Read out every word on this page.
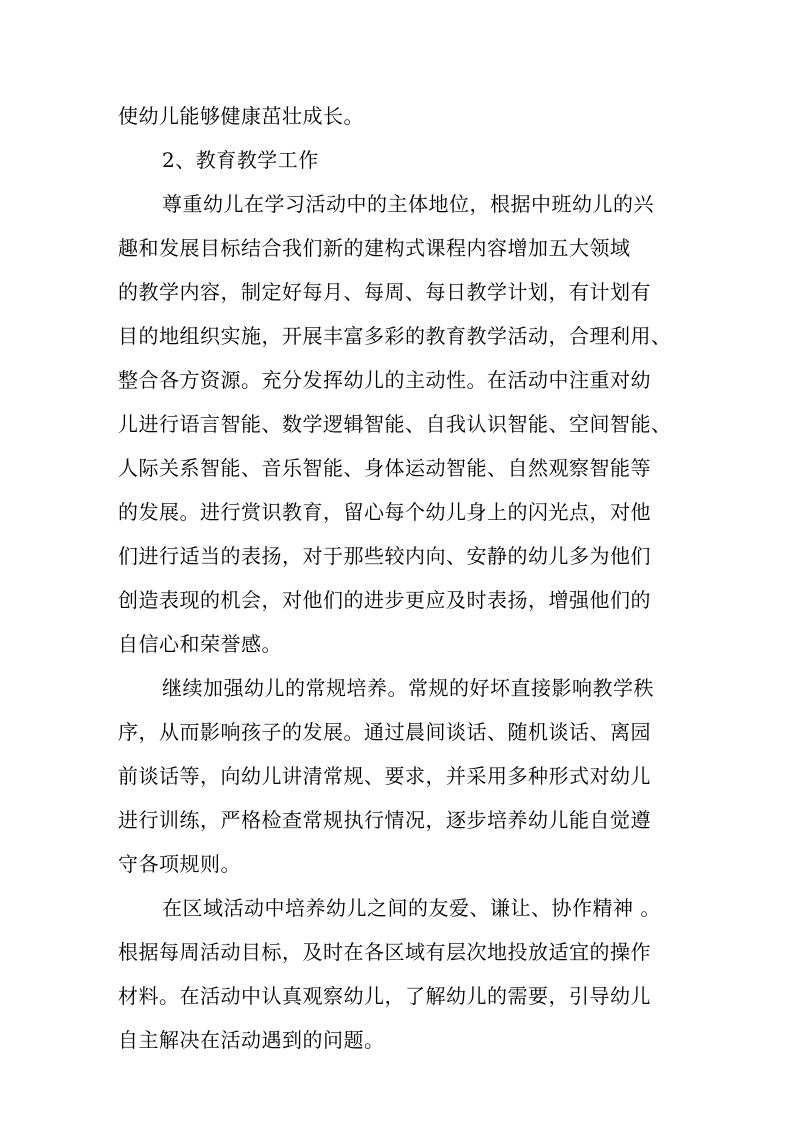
使幼儿能够健康茁壮成长。
2、教育教学工作
尊重幼儿在学习活动中的主体地位，根据中班幼儿的兴
趣和发展目标结合我们新的建构式课程内容增加五大领域
的教学内容，制定好每月、每周、每日教学计划，有计划有
目的地组织实施，开展丰富多彩的教育教学活动，合理利用、
整合各方资源。充分发挥幼儿的主动性。在活动中注重对幼
儿进行语言智能、数学逻辑智能、自我认识智能、空间智能、
人际关系智能、音乐智能、身体运动智能、自然观察智能等
的发展。进行赏识教育，留心每个幼儿身上的闪光点，对他
们进行适当的表扬，对于那些较内向、安静的幼儿多为他们
创造表现的机会，对他们的进步更应及时表扬，增强他们的
自信心和荣誉感。
继续加强幼儿的常规培养。常规的好坏直接影响教学秩
序，从而影响孩子的发展。通过晨间谈话、随机谈话、离园
前谈话等，向幼儿讲清常规、要求，并采用多种形式对幼儿
进行训练，严格检查常规执行情况，逐步培养幼儿能自觉遵
守各项规则。
在区域活动中培养幼儿之间的友爱、谦让、协作精神 。
根据每周活动目标，及时在各区域有层次地投放适宜的操作
材料。在活动中认真观察幼儿，了解幼儿的需要，引导幼儿
自主解决在活动遇到的问题。
